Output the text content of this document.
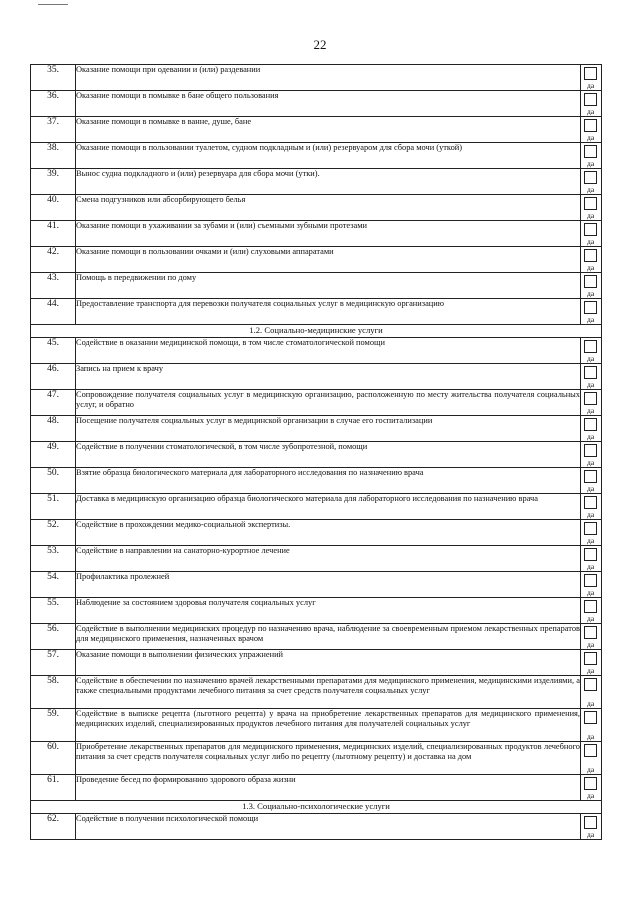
22
35.	Оказание помощи при одевании и (или) раздевании	да

36.	Оказание помощи в помывке в бане общего пользования	да

37.	Оказание помощи в помывке в ванне, душе, бане	да

38.	Оказание помощи в пользовании туалетом, судном подкладным и (или) резервуаром для сбора мочи (уткой)	да

39.	Вынос судна подкладного и (или) резервуара для сбора мочи (утки).	да

40.	Смена подгузников или абсорбирующего белья	да

41.	Оказание помощи в ухаживании за зубами и (или) съемными зубными протезами	да

42.	Оказание помощи в пользовании очками и (или) слуховыми аппаратами	да

43.	Помощь в передвижении по дому	да

44.	Предоставление транспорта для перевозки получателя социальных услуг в медицинскую организацию	да

1.2. Социально-медицинские услуги		
45.	Содействие в оказании медицинской помощи, в том числе стоматологической помощи	да

46.	Запись на прием к врачу	да

47.	Сопровождение получателя социальных услуг в медицинскую организацию, расположенную по месту жительства получателя социальных услуг, и обратно	да

48.	Посещение получателя социальных услуг в медицинской организации в случае его госпитализации	да

49.	Содействие в получении стоматологической, в том числе зубопротезной, помощи	да

50.	Взятие образца биологического материала для лабораторного исследования по назначению врача	да

51.	Доставка в медицинскую организацию образца биологического материала для лабораторного исследования по назначению врача	да

52.	Содействие в прохождении медико-социальной экспертизы.	да

53.	Содействие в направлении на санаторно-курортное лечение	да

54.	Профилактика пролежней	да

55.	Наблюдение за состоянием здоровья получателя социальных услуг	да

56.	Содействие в выполнении медицинских процедур по назначению врача, наблюдение за своевременным приемом лекарственных препаратов для медицинского применения, назначенных врачом	да

57.	Оказание помощи в выполнении физических упражнений	да

58.	Содействие в обеспечении по назначению врачей лекарственными препаратами для медицинского применения, медицинскими изделиями, а также специальными продуктами лечебного питания за счет средств получателя социальных услуг	да

59.	Содействие в выписке рецепта (льготного рецепта) у врача на приобретение лекарственных препаратов для медицинского применения, медицинских изделий, специализированных продуктов лечебного питания для получателей социальных услуг	да

60.	Приобретение лекарственных препаратов для медицинского применения, медицинских изделий, специализированных продуктов лечебного питания за счет средств получателя социальных услуг либо по рецепту (льготному рецепту) и доставка на дом	да

61.	Проведение бесед по формированию здорового образа жизни	да

1.3. Социально-психологические услуги		
62.	Содействие в получении психологической помощи	да
